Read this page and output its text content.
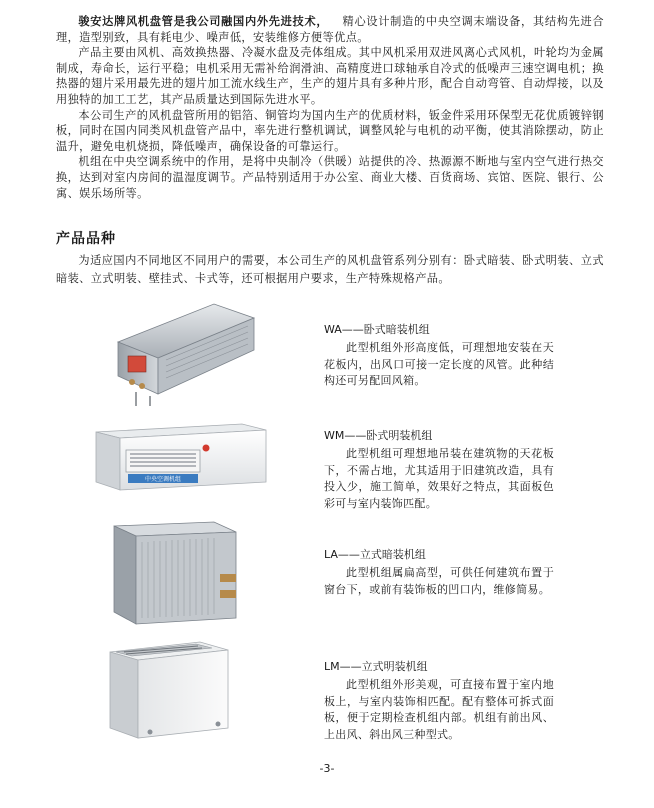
骏安达牌风机盘管是我公司融国内外先进技术， 精心设计制造的中央空调末端设备，其结构先进合理，造型别致，具有耗电少、噪声低，安装维修方便等优点。

产品主要由风机、高效换热器、冷凝水盘及壳体组成。其中风机采用双进风离心式风机，叶轮均为金属制成，寿命长，运行平稳；电机采用无需补给润滑油、高精度进口球轴承自冷式的低噪声三速空调电机；换热器的翅片采用最先进的翅片加工流水线生产，生产的翅片具有多种片形，配合自动弯管、自动焊接，以及用独特的加工工艺，其产品质量达到国际先进水平。

本公司生产的风机盘管所用的铝箔、铜管均为国内生产的优质材料，钣金件采用环保型无花优质镀锌钢板，同时在国内同类风机盘管产品中，率先进行整机调试，调整风轮与电机的动平衡，使其消除摆动，防止温升，避免电机烧损，降低噪声，确保设备的可靠运行。

机组在中央空调系统中的作用，是将中央制冷（供暖）站提供的冷、热源源不断地与室内空气进行热交换，达到对室内房间的温湿度调节。产品特别适用于办公室、商业大楼、百货商场、宾馆、医院、银行、公寓、娱乐场所等。

产品品种

为适应国内不同地区不同用户的需要，本公司生产的风机盘管系列分别有：卧式暗装、卧式明装、立式暗装、立式明装、壁挂式、卡式等，还可根据用户要求，生产特殊规格产品。

WA——卧式暗装机组

此型机组外形高度低，可理想地安装在天花板内，出风口可接一定长度的风管。此种结构还可另配回风箱。

中央空调机组

WM——卧式明装机组

此型机组可理想地吊装在建筑物的天花板下，不需占地，尤其适用于旧建筑改造，具有投入少，施工简单，效果好之特点，其面板色彩可与室内装饰匹配。

LA——立式暗装机组

此型机组属扁高型，可供任何建筑布置于窗台下，或前有装饰板的凹口内，维修简易。

LM——立式明装机组

此型机组外形美观，可直接布置于室内地板上，与室内装饰相匹配。配有整体可拆式面板，便于定期检查机组内部。机组有前出风、上出风、斜出风三种型式。

-3-
